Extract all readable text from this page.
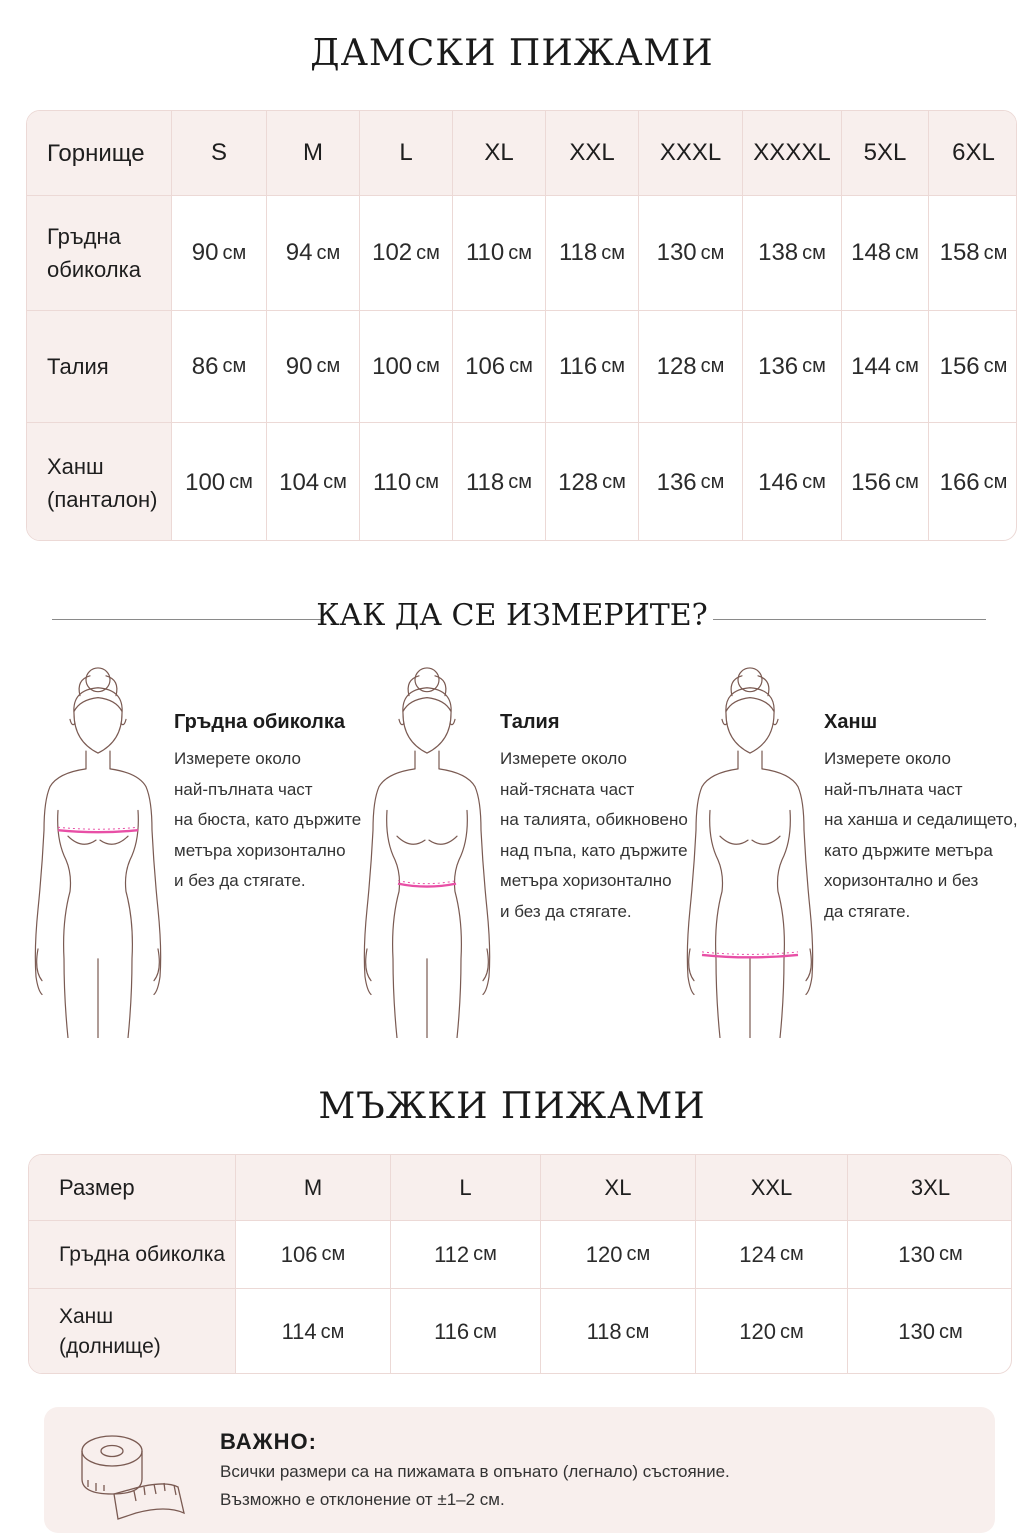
ДАМСКИ ПИЖАМИ
Горнище	S	M	L	XL	XXL	XXXL	XXXXL	5XL	6XL
Гръдна
обиколка
90 см 94 см 102 см 110 см 118 см 130 см 138 см 148 см 158 см
Талия	86 см 90 см 100 см 106 см 116 см 128 см 136 см 144 см 156 см
Ханш
(панталон)
100 см 104 см 110 см 118 см 128 см 136 см 146 см 156 см 166 см
КАК ДА СЕ ИЗМЕРИТЕ?
Гръдна обиколка

Измерете около

най-пълната част

на бюста, като държите

метъра хоризонтално

и без да стягате.

Талия

Измерете около

най-тясната част

на талията, обикновено

над пъпа, като държите

метъра хоризонтално

и без да стягате.

Ханш

Измерете около

най-пълната част

на ханша и седалището,

като държите метъра

хоризонтално и без

да стягате.

МЪЖКИ ПИЖАМИ
Размер	M	L	XL	XXL	3XL
Гръдна обиколка	106 см	112 см	120 см	124 см	130 см
Ханш
(долнище)
114 см	116 см	118 см	120 см	130 см
ВАЖНО:
Всички размери са на пижамата в опънато (легнало) състояние.
Възможно е отклонение от ±1–2 см.
